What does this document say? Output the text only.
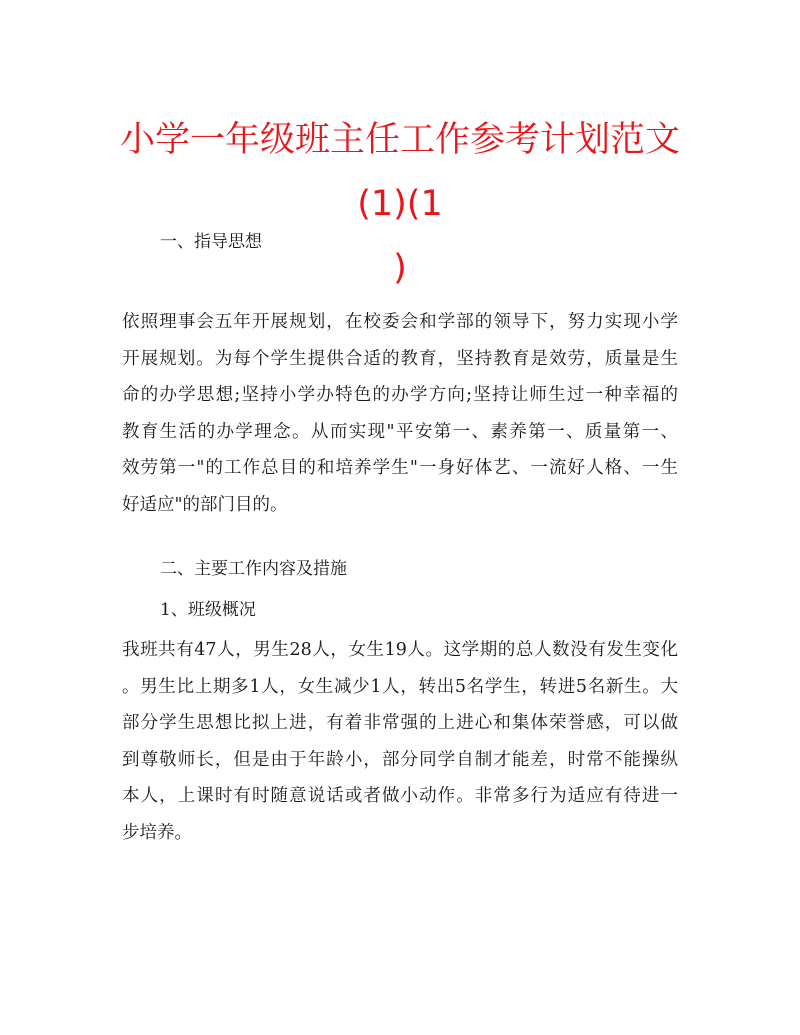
小学一年级班主任工作参考计划范文(1)(1
)

一、指导思想

依照理事会五年开展规划，在校委会和学部的领导下，努力实现小学
开展规划。为每个学生提供合适的教育，坚持教育是效劳，质量是生
命的办学思想;坚持小学办特色的办学方向;坚持让师生过一种幸福的
教育生活的办学理念。从而实现"平安第一、素养第一、质量第一、
效劳第一"的工作总目的和培养学生"一身好体艺、一流好人格、一生
好适应"的部门目的。

二、主要工作内容及措施

1、班级概况

我班共有47人，男生28人，女生19人。这学期的总人数没有发生变化
。男生比上期多1人，女生减少1人，转出5名学生，转进5名新生。大
部分学生思想比拟上进，有着非常强的上进心和集体荣誉感，可以做
到尊敬师长，但是由于年龄小，部分同学自制才能差，时常不能操纵
本人，上课时有时随意说话或者做小动作。非常多行为适应有待进一
步培养。
